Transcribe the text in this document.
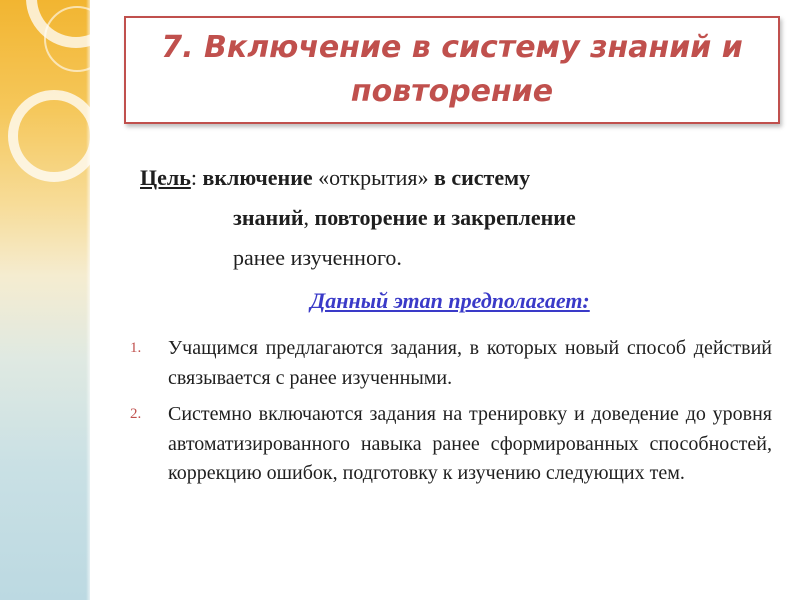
7. Включение в систему знаний и повторение
Цель: включение «открытия» в систему
знаний, повторение и закрепление
ранее изученного.
Данный этап предполагает:
1. Учащимся предлагаются задания, в которых новый способ действий связывается с ранее изученными.
2. Системно включаются задания на тренировку и доведение до уровня автоматизированного навыка ранее сформированных способностей, коррекцию ошибок, подготовку к изучению следующих тем.
